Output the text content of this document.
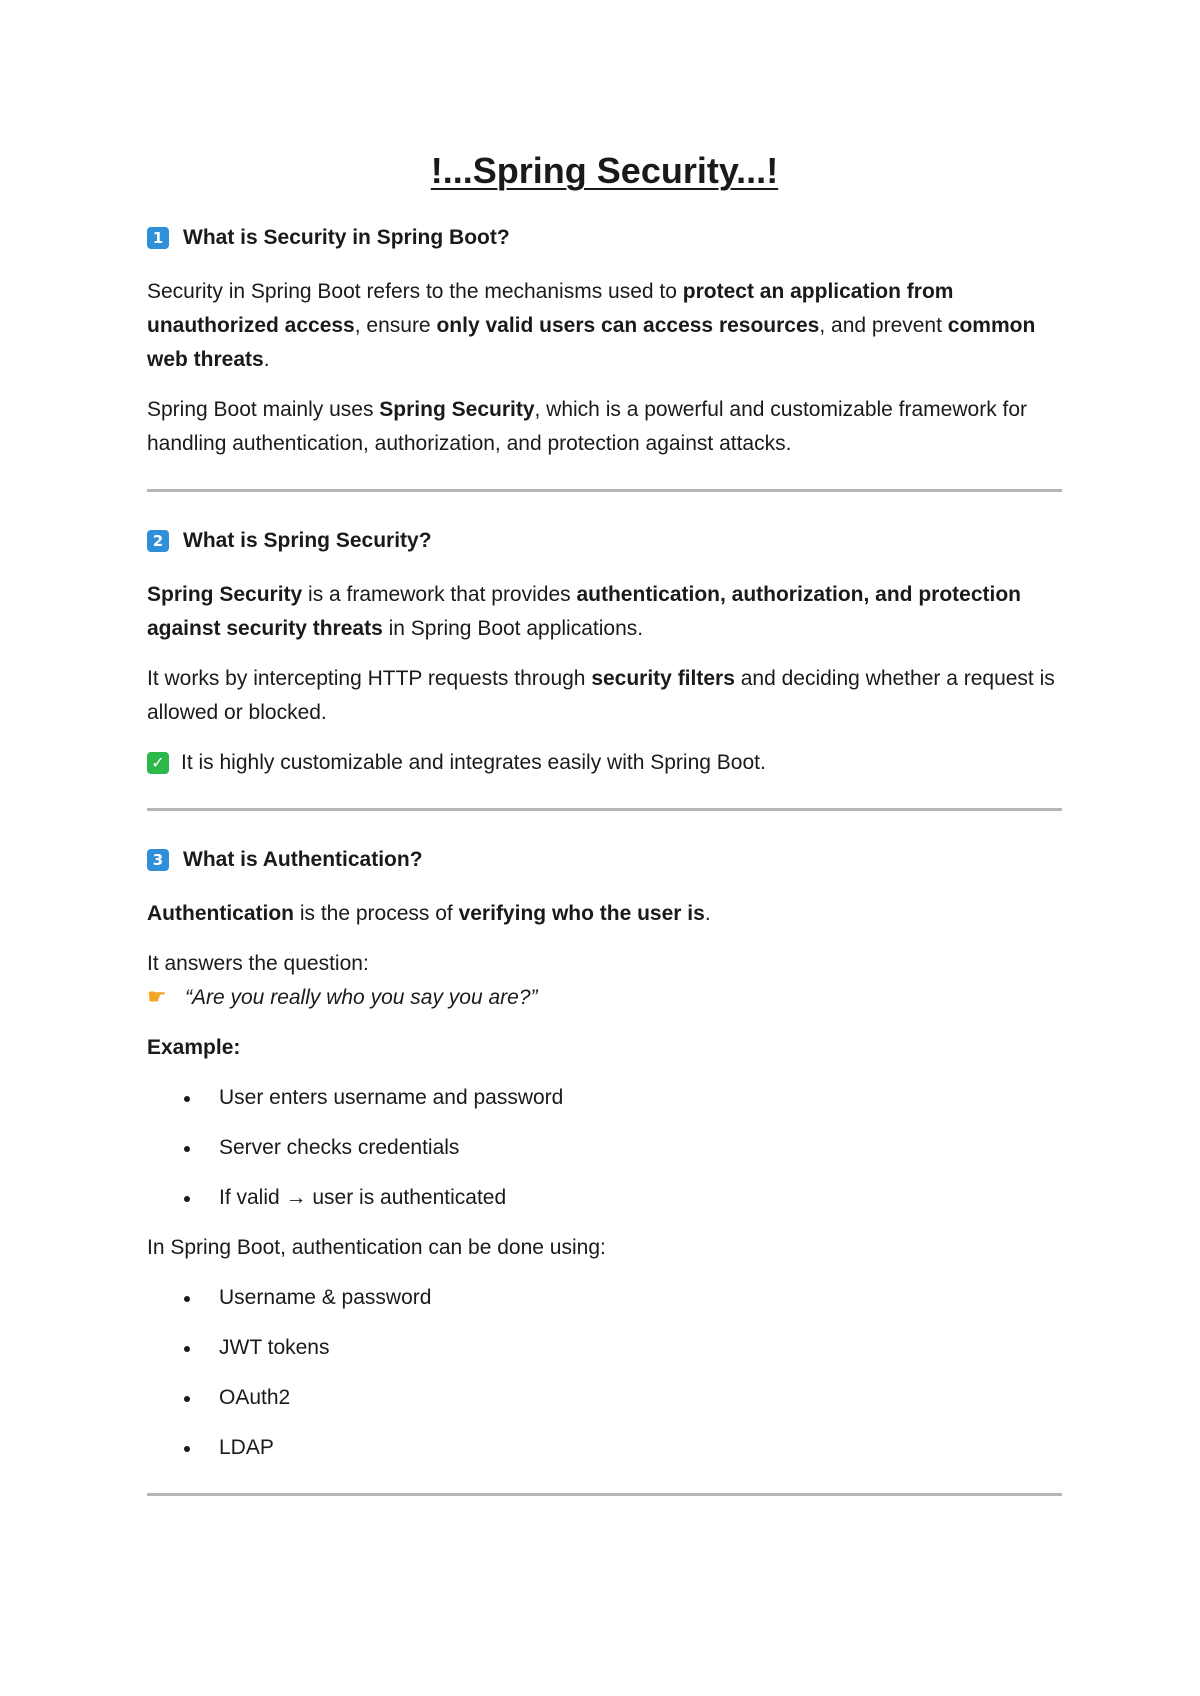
!...Spring Security...!
1 What is Security in Spring Boot?

Security in Spring Boot refers to the mechanisms used to protect an application from unauthorized access, ensure only valid users can access resources, and prevent common web threats.

Spring Boot mainly uses Spring Security, which is a powerful and customizable framework for handling authentication, authorization, and protection against attacks.

2 What is Spring Security?

Spring Security is a framework that provides authentication, authorization, and protection against security threats in Spring Boot applications.

It works by intercepting HTTP requests through security filters and deciding whether a request is allowed or blocked.

✓ It is highly customizable and integrates easily with Spring Boot.
3 What is Authentication?

Authentication is the process of verifying who the user is.

It answers the question:

☛ “Are you really who you say you are?”

Example:

User enters username and password
Server checks credentials
If valid → user is authenticated

In Spring Boot, authentication can be done using:

Username & password
JWT tokens
OAuth2
LDAP
